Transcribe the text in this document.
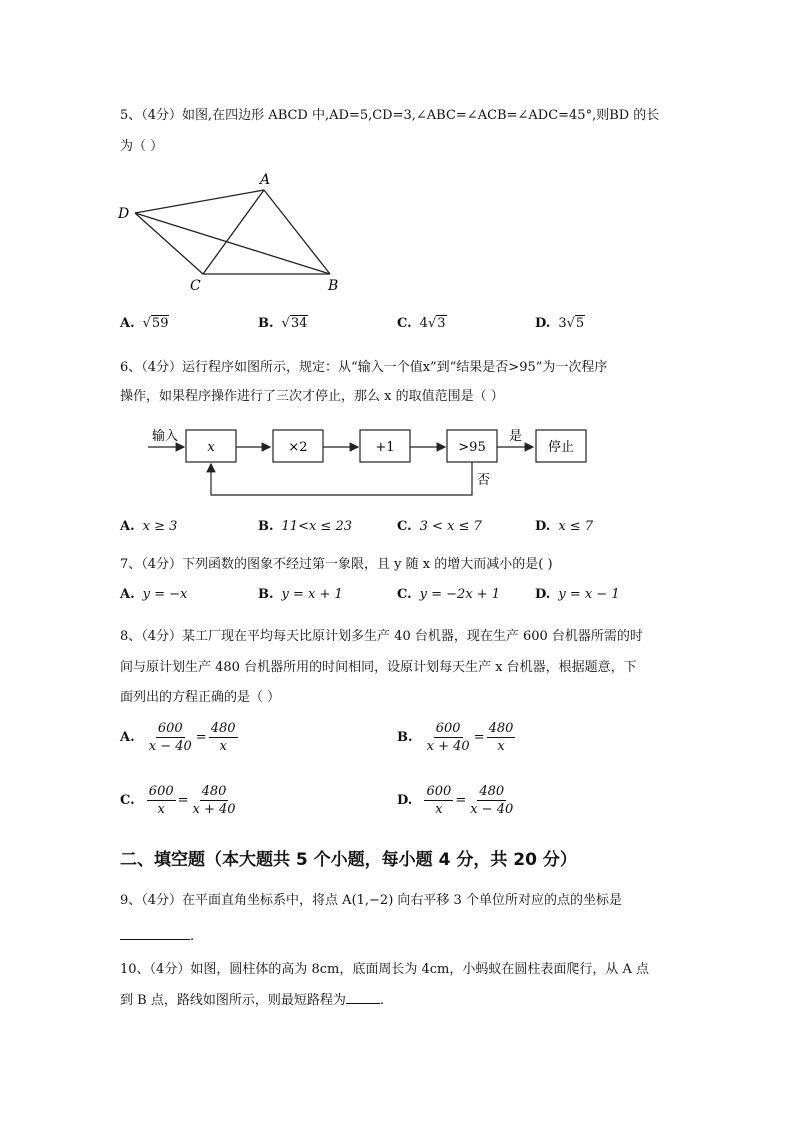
5、（4分）如图,在四边形 ABCD 中,AD=5,CD=3,∠ABC=∠ACB=∠ADC=45°,则BD 的长
为（ ）
A
B
C
D
A. √59	B. √34	C. 4√3	D. 3√5
6、（4分）运行程序如图所示，规定：从“输入一个值x”到“结果是否>95”为一次程序
操作，如果程序操作进行了三次才停止，那么 x 的取值范围是（ ）
输入
x	×2	+1	>95
是
停止
否
A. x ≥ 3	B. 11<x ≤ 23	C. 3 < x ≤ 7	D. x ≤ 7
7、（4分）下列函数的图象不经过第一象限，且 y 随 x 的增大而减小的是( )
A. y = −x	B. y = x + 1	C. y = −2x + 1	D. y = x − 1
8、（4分）某工厂现在平均每天比原计划多生产 40 台机器，现在生产 600 台机器所需的时
间与原计划生产 480 台机器所用的时间相同，设原计划每天生产 x 台机器，根据题意，下
面列出的方程正确的是（ ）
A. $\frac{600}{x - 40} = \frac{480}{x}$	B. $\frac{600}{x + 40} = \frac{480}{x}$
C. $\frac{600}{x} = \frac{480}{x + 40}$	D. $\frac{600}{x} = \frac{480}{x - 40}$
二、填空题（本大题共 5 个小题，每小题 4 分，共 20 分）
9、（4分）在平面直角坐标系中，将点 A(1,−2) 向右平移 3 个单位所对应的点的坐标是
.
10、（4分）如图，圆柱体的高为 8cm，底面周长为 4cm，小蚂蚁在圆柱表面爬行，从 A 点
到 B 点，路线如图所示，则最短路程为	.
